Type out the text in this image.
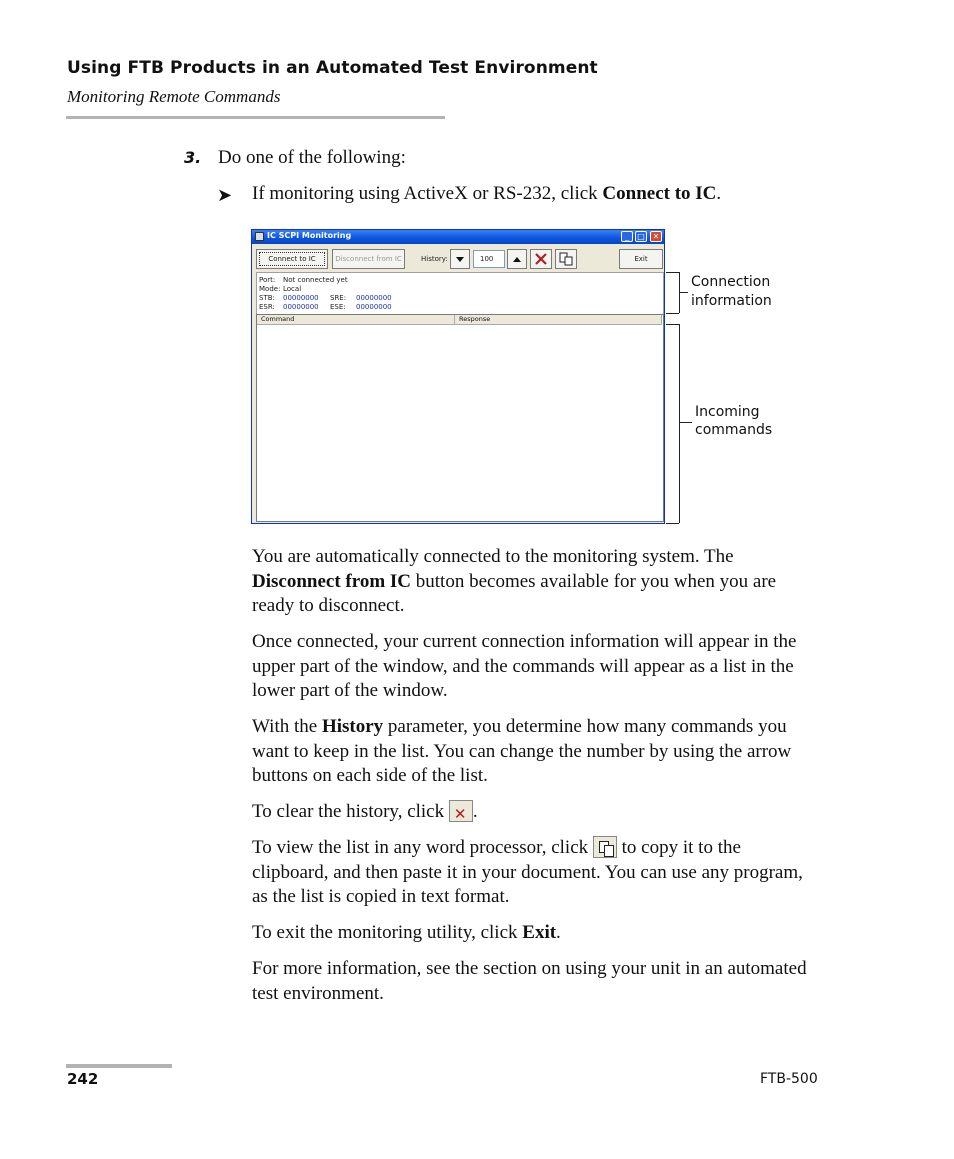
Using FTB Products in an Automated Test Environment
Monitoring Remote Commands
3. Do one of the following:
➤ If monitoring using ActiveX or RS-232, click Connect to IC.
IC SCPI Monitoring	_	□ ✕
Connect to IC	Disconnect from IC	History:	100	Exit
Port: Not connected yet
Mode: Local
STB: 00000000 SRE: 00000000
ESR: 00000000 ESE: 00000000
Command	Response
Connection
information
Incoming
commands
You are automatically connected to the monitoring system. The Disconnect from IC button becomes available for you when you are ready to disconnect.
Once connected, your current connection information will appear in the upper part of the window, and the commands will appear as a list in the lower part of the window.
With the History parameter, you determine how many commands you want to keep in the list. You can change the number by using the arrow buttons on each side of the list.
To clear the history, click ✕.
To view the list in any word processor, click  to copy it to the clipboard, and then paste it in your document. You can use any program, as the list is copied in text format.
To exit the monitoring utility, click Exit.
For more information, see the section on using your unit in an automated test environment.
242	FTB-500
